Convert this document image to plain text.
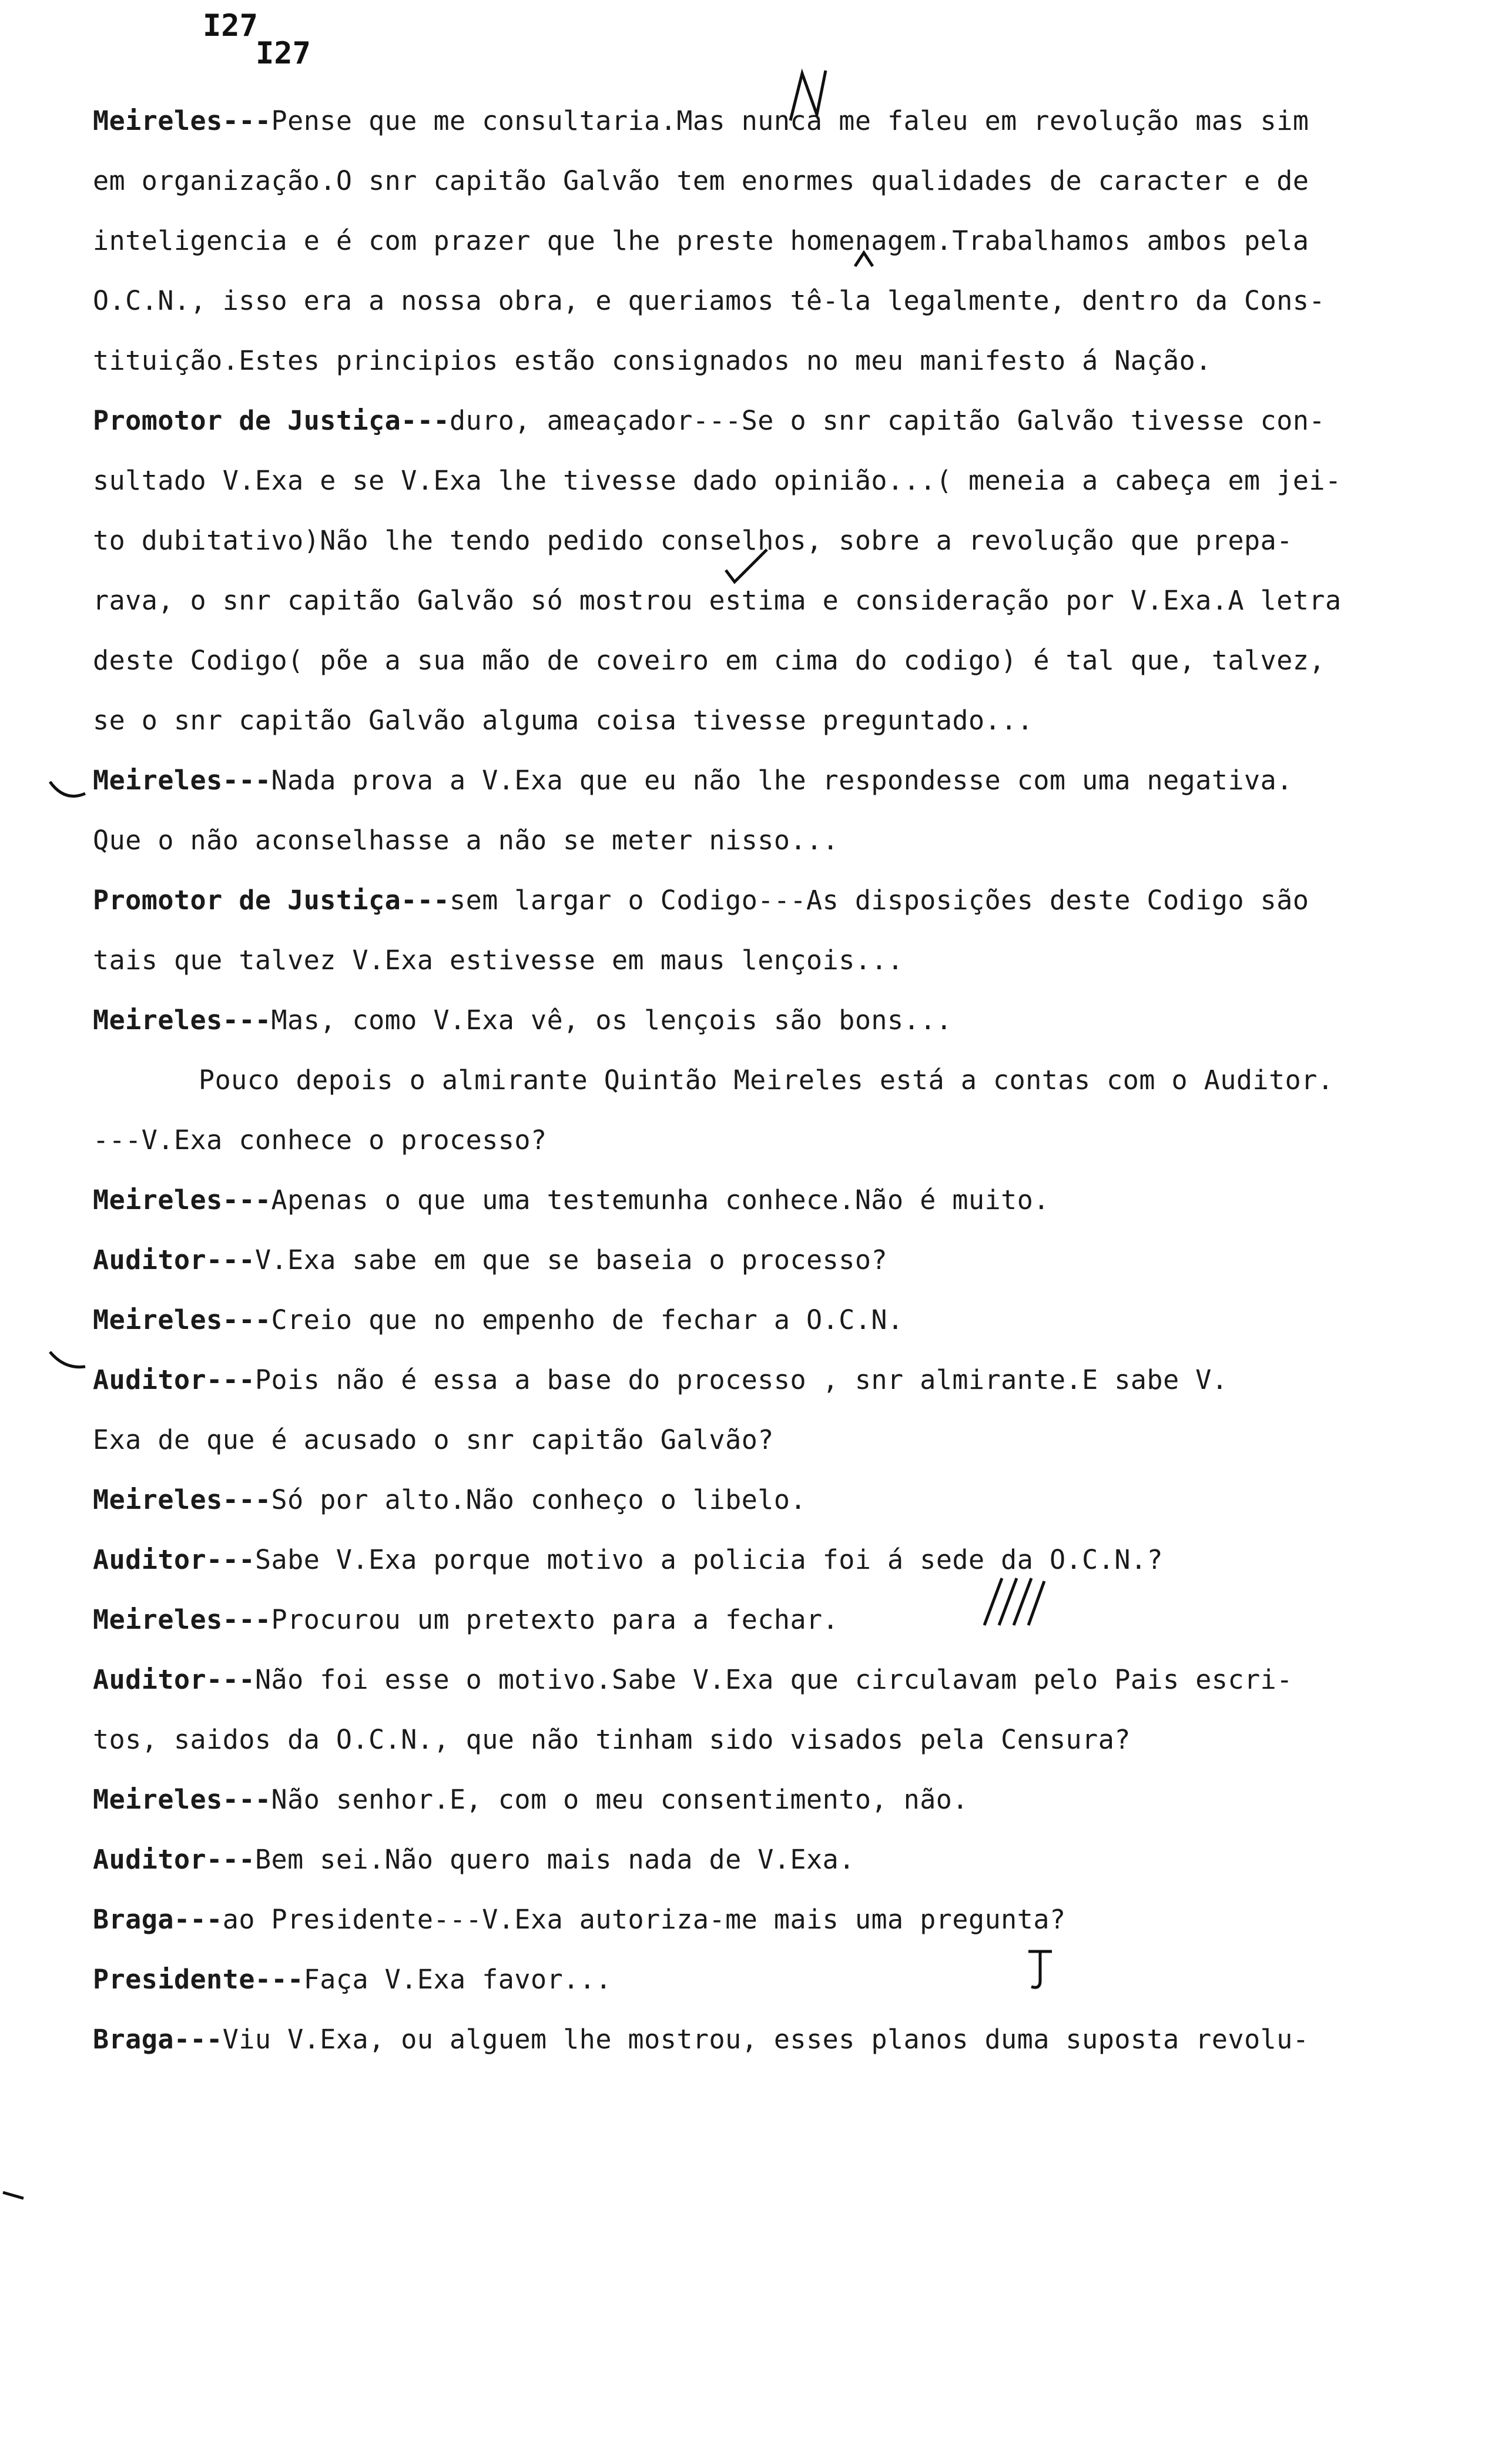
I27
I27
Meireles---Pense que me consultaria.Mas nunca me faleu em revolução mas sim
em organização.O snr capitão Galvão tem enormes qualidades de caracter e de
inteligencia e é com prazer que lhe preste homenagem.Trabalhamos ambos pela
O.C.N., isso era a nossa obra, e queriamos tê-la legalmente, dentro da Cons-
tituição.Estes principios estão consignados no meu manifesto á Nação.
Promotor de Justiça---duro, ameaçador---Se o snr capitão Galvão tivesse con-
sultado V.Exa e se V.Exa lhe tivesse dado opinião...( meneia a cabeça em jei-
to dubitativo)Não lhe tendo pedido conselhos, sobre a revolução que prepa-
rava, o snr capitão Galvão só mostrou estima e consideração por V.Exa.A letra
deste Codigo( põe a sua mão de coveiro em cima do codigo) é tal que, talvez,
se o snr capitão Galvão alguma coisa tivesse preguntado...
Meireles---Nada prova a V.Exa que eu não lhe respondesse com uma negativa.
Que o não aconselhasse a não se meter nisso...
Promotor de Justiça---sem largar o Codigo---As disposições deste Codigo são
tais que talvez V.Exa estivesse em maus lençois...
Meireles---Mas, como V.Exa vê, os lençois são bons...
Pouco depois o almirante Quintão Meireles está a contas com o Auditor.
---V.Exa conhece o processo?
Meireles---Apenas o que uma testemunha conhece.Não é muito.
Auditor---V.Exa sabe em que se baseia o processo?
Meireles---Creio que no empenho de fechar a O.C.N.
Auditor---Pois não é essa a base do processo , snr almirante.E sabe V.
Exa de que é acusado o snr capitão Galvão?
Meireles---Só por alto.Não conheço o libelo.
Auditor---Sabe V.Exa porque motivo a policia foi á sede da O.C.N.?
Meireles---Procurou um pretexto para a fechar.
Auditor---Não foi esse o motivo.Sabe V.Exa que circulavam pelo Pais escri-
tos, saidos da O.C.N., que não tinham sido visados pela Censura?
Meireles---Não senhor.E, com o meu consentimento, não.
Auditor---Bem sei.Não quero mais nada de V.Exa.
Braga---ao Presidente---V.Exa autoriza-me mais uma pregunta?
Presidente---Faça V.Exa favor...
Braga---Viu V.Exa, ou alguem lhe mostrou, esses planos duma suposta revolu-
